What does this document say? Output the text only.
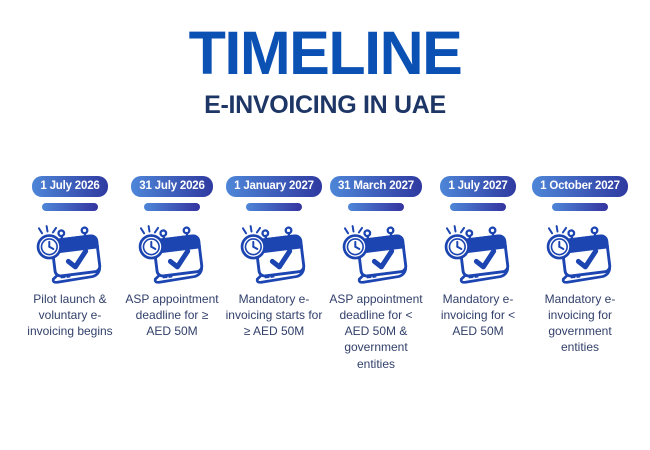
TIMELINE
E-INVOICING IN UAE
1 July 2026
Pilot launch & voluntary e-invoicing begins
31 July 2026
ASP appointment deadline for ≥ AED 50M
1 January 2027
Mandatory e-invoicing starts for ≥ AED 50M
31 March 2027
ASP appointment deadline for < AED 50M & government entities
1 July 2027
Mandatory e-invoicing for < AED 50M
1 October 2027
Mandatory e-invoicing for government entities
